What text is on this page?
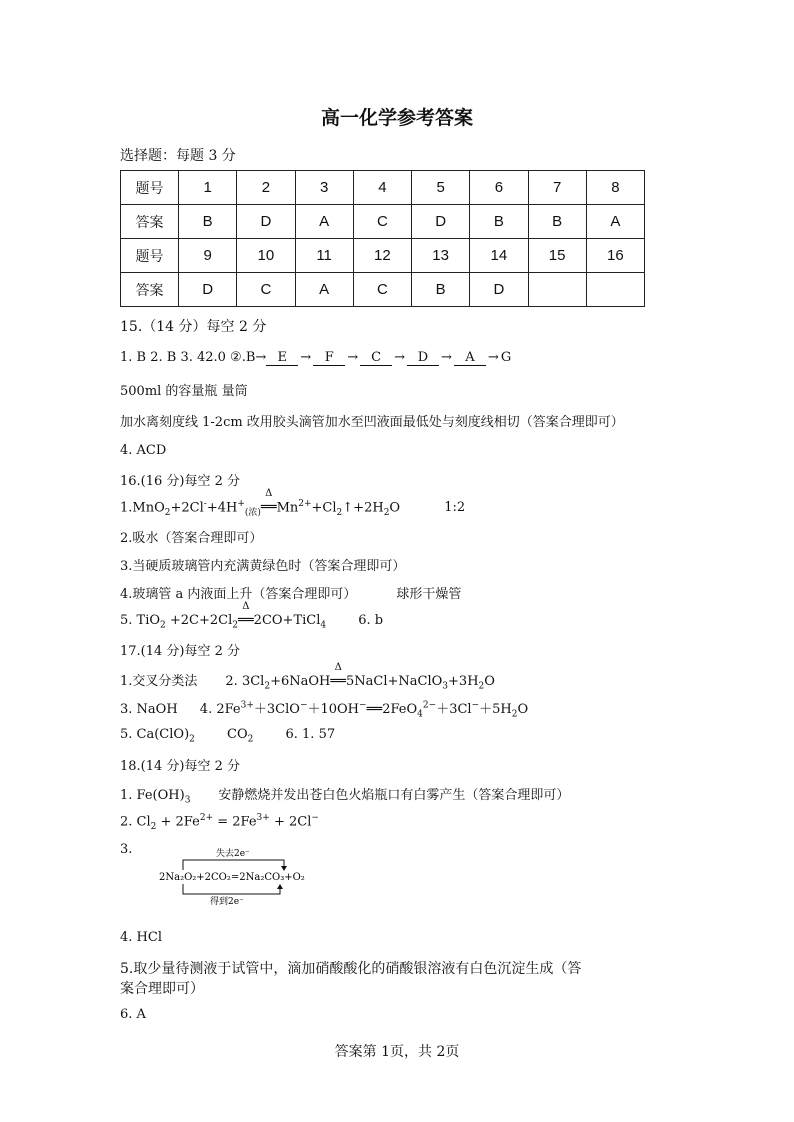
高一化学参考答案
选择题：每题 3 分
题号	1	2	3	4	5	6	7	8
答案	B	D	A	C	D	B	B	A
题号	9	10	11	12	13	14	15	16
答案	D	C	A	C	B	D		
15.（14 分）每空 2 分
1. B 2. B 3. 42.0 ②.B→ E → F → C → D → A → G
500ml 的容量瓶 量筒
加水离刻度线 1-2cm 改用胶头滴管加水至凹液面最低处与刻度线相切（答案合理即可）
4. ACD
16.(16 分)每空 2 分
$1.MnO_2+2Cl^-+4H^+_{(浓)}$
Δ
$══Mn^{2+}+Cl_2↑+2H_2O$	1:2
2.吸水（答案合理即可）
3.当硬质玻璃管内充满黄绿色时（答案合理即可）
4.玻璃管 a 内液面上升（答案合理即可）	球形干燥管
5. $TiO_2 +2C+2Cl_2$
Δ
══2CO+TiCl$_4$ 6. b
17.(14 分)每空 2 分
1.交叉分类法 2. $3Cl_2+6NaOH$
Δ
$══5NaCl+NaClO_3+3H_2O$
3. NaOH 4. $2Fe^{3+}+3ClO^-+10OH^-══2FeO_4^{2-}+3Cl^-+5H_2O$
5. $Ca(ClO)_2$ $CO_2$ 6. 1. 57
18.(14 分)每空 2 分
1. $Fe(OH)_3$ 安静燃烧并发出苍白色火焰瓶口有白雾产生（答案合理即可）
2. $Cl_2 + 2Fe^{2+} = 2Fe^{3+} + 2Cl^-$
3.	失去2e⁻
2Na₂O₂+2CO₂=2Na₂CO₃+O₂
得到2e⁻
4. HCl
5.取少量待测液于试管中，滴加硝酸酸化的硝酸银溶液有白色沉淀生成（答
案合理即可）
6. A
答案第 1页，共 2页
